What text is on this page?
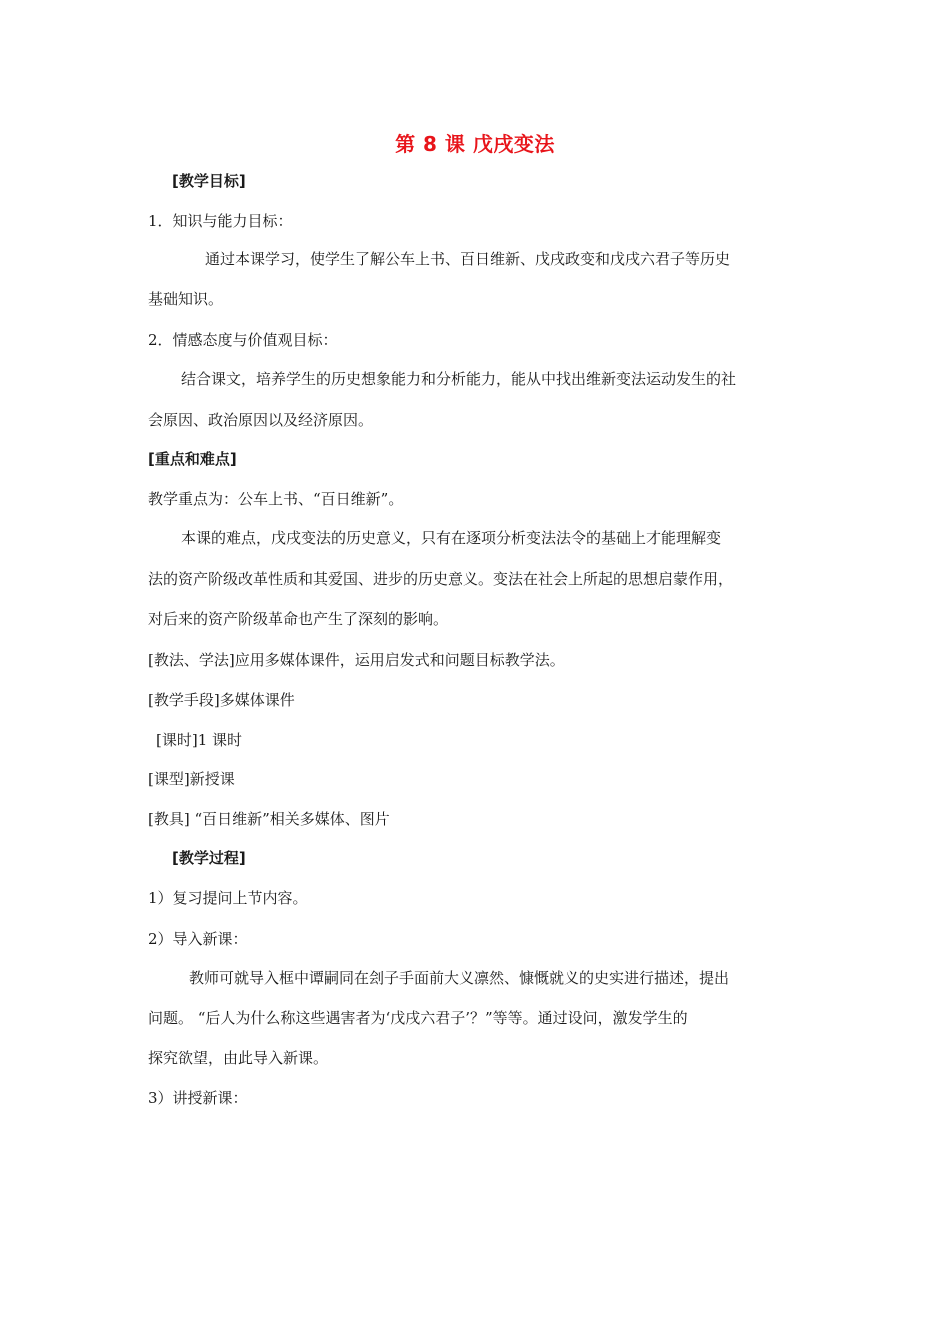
第 8 课 戊戌变法
[教学目标]
1．知识与能力目标：
通过本课学习，使学生了解公车上书、百日维新、戊戌政变和戊戌六君子等历史
基础知识。
2．情感态度与价值观目标：
结合课文，培养学生的历史想象能力和分析能力，能从中找出维新变法运动发生的社
会原因、政治原因以及经济原因。
[重点和难点]
教学重点为：公车上书、“百日维新”。
本课的难点，戊戌变法的历史意义，只有在逐项分析变法法令的基础上才能理解变
法的资产阶级改革性质和其爱国、进步的历史意义。变法在社会上所起的思想启蒙作用，
对后来的资产阶级革命也产生了深刻的影响。
[教法、学法]应用多媒体课件，运用启发式和问题目标教学法。
[教学手段]多媒体课件
[课时]1 课时
[课型]新授课
[教具] “百日维新”相关多媒体、图片
[教学过程]
1）复习提问上节内容。
2）导入新课：
教师可就导入框中谭嗣同在刽子手面前大义凛然、慷慨就义的史实进行描述，提出
问题。 “后人为什么称这些遇害者为‘戊戌六君子’？”等等。通过设问，激发学生的
探究欲望，由此导入新课。
3）讲授新课：
